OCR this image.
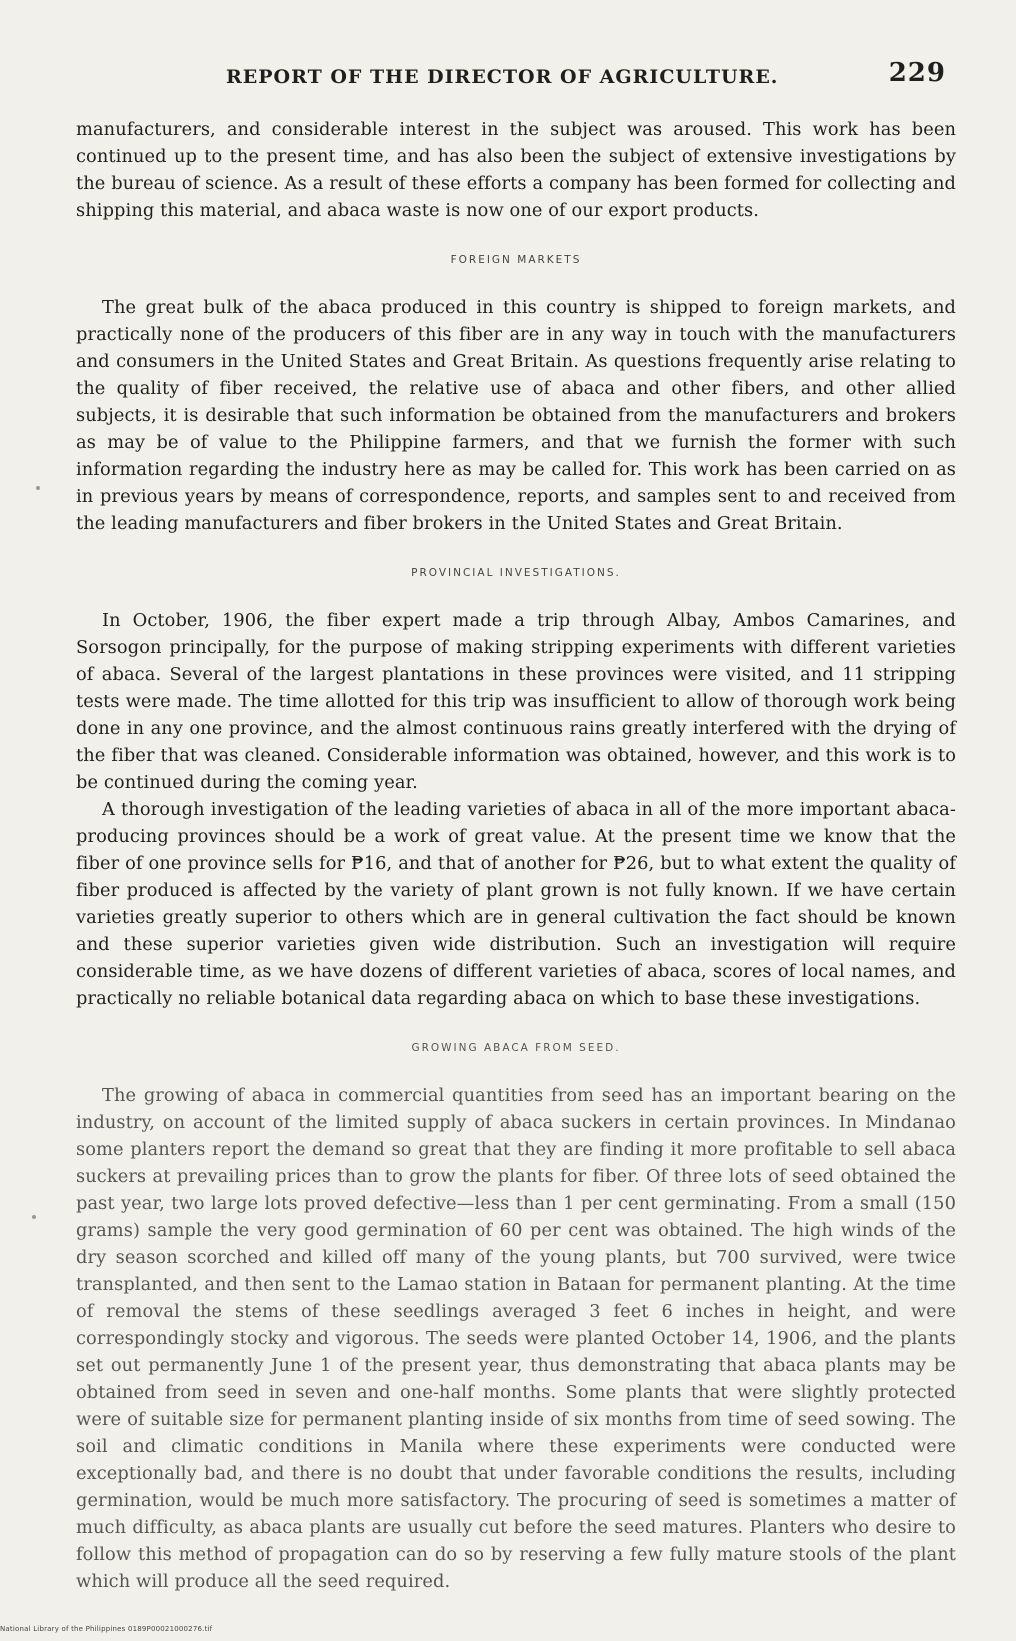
REPORT OF THE DIRECTOR OF AGRICULTURE.	229

manufacturers, and considerable interest in the subject was aroused. This work has been continued up to the present time, and has also been the subject of extensive investigations by the bureau of science. As a result of these efforts a company has been formed for collecting and shipping this material, and abaca waste is now one of our export products.

FOREIGN MARKETS

The great bulk of the abaca produced in this country is shipped to foreign markets, and practically none of the producers of this fiber are in any way in touch with the manufacturers and consumers in the United States and Great Britain. As questions frequently arise relating to the quality of fiber received, the relative use of abaca and other fibers, and other allied subjects, it is desirable that such information be obtained from the manufacturers and brokers as may be of value to the Philippine farmers, and that we furnish the former with such information regarding the industry here as may be called for. This work has been carried on as in previous years by means of correspondence, reports, and samples sent to and received from the leading manufacturers and fiber brokers in the United States and Great Britain.

PROVINCIAL INVESTIGATIONS.

In October, 1906, the fiber expert made a trip through Albay, Ambos Camarines, and Sorsogon principally, for the purpose of making stripping experiments with different varieties of abaca. Several of the largest plantations in these provinces were visited, and 11 stripping tests were made. The time allotted for this trip was insufficient to allow of thorough work being done in any one province, and the almost continuous rains greatly interfered with the drying of the fiber that was cleaned. Considerable information was obtained, however, and this work is to be continued during the coming year.

A thorough investigation of the leading varieties of abaca in all of the more important abaca-producing provinces should be a work of great value. At the present time we know that the fiber of one province sells for ₱16, and that of another for ₱26, but to what extent the quality of fiber produced is affected by the variety of plant grown is not fully known. If we have certain varieties greatly superior to others which are in general cultivation the fact should be known and these superior varieties given wide distribution. Such an investigation will require considerable time, as we have dozens of different varieties of abaca, scores of local names, and practically no reliable botanical data regarding abaca on which to base these investigations.

GROWING ABACA FROM SEED.

The growing of abaca in commercial quantities from seed has an important bearing on the industry, on account of the limited supply of abaca suckers in certain provinces. In Mindanao some planters report the demand so great that they are finding it more profitable to sell abaca suckers at prevailing prices than to grow the plants for fiber. Of three lots of seed obtained the past year, two large lots proved defective—less than 1 per cent germinating. From a small (150 grams) sample the very good germination of 60 per cent was obtained. The high winds of the dry season scorched and killed off many of the young plants, but 700 survived, were twice transplanted, and then sent to the Lamao station in Bataan for permanent planting. At the time of removal the stems of these seedlings averaged 3 feet 6 inches in height, and were correspondingly stocky and vigorous. The seeds were planted October 14, 1906, and the plants set out permanently June 1 of the present year, thus demonstrating that abaca plants may be obtained from seed in seven and one-half months. Some plants that were slightly protected were of suitable size for permanent planting inside of six months from time of seed sowing. The soil and climatic conditions in Manila where these experiments were conducted were exceptionally bad, and there is no doubt that under favorable conditions the results, including germination, would be much more satisfactory. The procuring of seed is sometimes a matter of much difficulty, as abaca plants are usually cut before the seed matures. Planters who desire to follow this method of propagation can do so by reserving a few fully mature stools of the plant which will produce all the seed required.

National Library of the Philippines 0189P00021000276.tif
